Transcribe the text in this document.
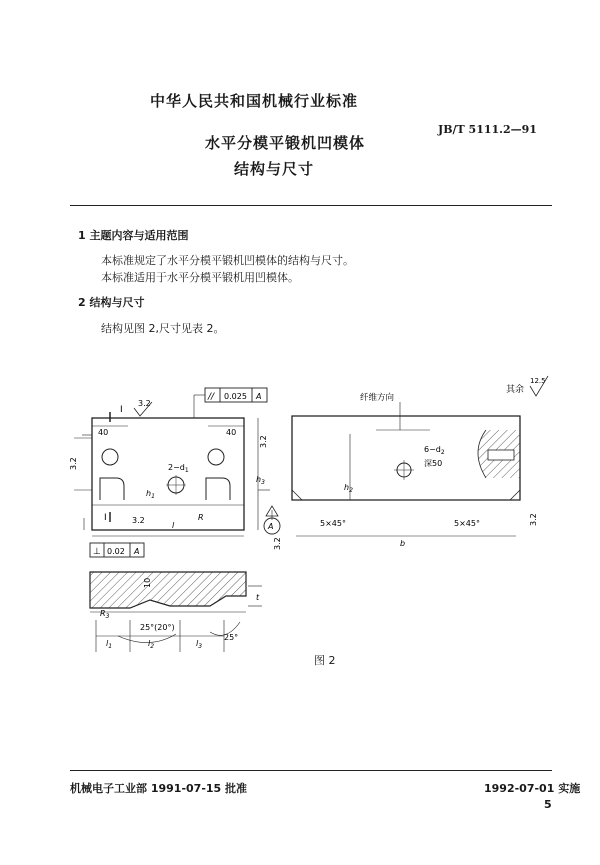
中华人民共和国机械行业标准
JB/T 5111.2—91
水平分模平锻机凹模体
结构与尺寸
1 主题内容与适用范围
本标准规定了水平分模平锻机凹模体的结构与尺寸。
本标准适用于水平分模平锻机用凹模体。
2 结构与尺寸
结构见图 2,尺寸见表 2。
40	40
$2-d_1$
$h_1$
$h_3$
R
l
3.2
3.2
3.2
3.2
3.2
// 0.025 A
⊥ 0.02 A
A
I
I
纤维方向
$6-d_2$
深50
$h_2$
5×45°	5×45°
b
3.2
其余
12.5
10
$R_3$
25°(20°)
25°
$l_1$	$l_2$	$l_3$
t
图 2
机械电子工业部 1991-07-15 批准	1992-07-01 实施
5
